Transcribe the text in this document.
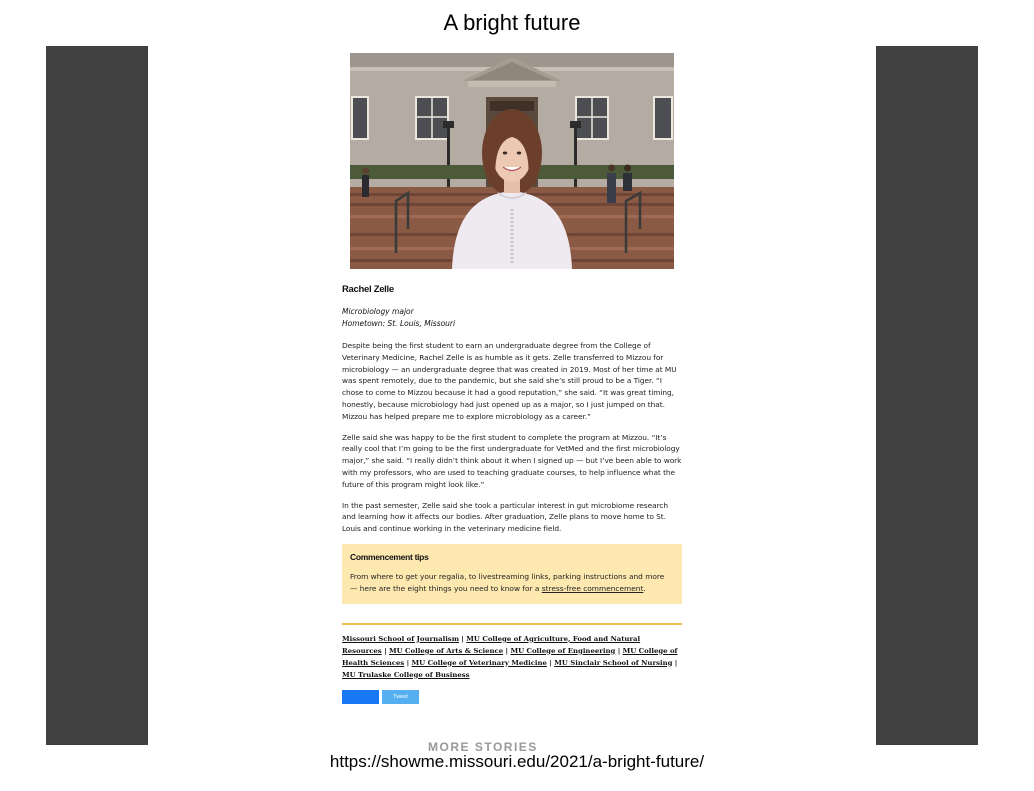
A bright future

Rachel Zelle

Microbiology major
Hometown: St. Louis, Missouri

Despite being the first student to earn an undergraduate degree from the College of Veterinary Medicine, Rachel Zelle is as humble as it gets. Zelle transferred to Mizzou for microbiology — an undergraduate degree that was created in 2019. Most of her time at MU was spent remotely, due to the pandemic, but she said she’s still proud to be a Tiger. “I chose to come to Mizzou because it had a good reputation,” she said. “It was great timing, honestly, because microbiology had just opened up as a major, so I just jumped on that. Mizzou has helped prepare me to explore microbiology as a career.”

Zelle said she was happy to be the first student to complete the program at Mizzou. “It’s really cool that I’m going to be the first undergraduate for VetMed and the first microbiology major,” she said. “I really didn’t think about it when I signed up — but I’ve been able to work with my professors, who are used to teaching graduate courses, to help influence what the future of this program might look like.”

In the past semester, Zelle said she took a particular interest in gut microbiome research and learning how it affects our bodies. After graduation, Zelle plans to move home to St. Louis and continue working in the veterinary medicine field.

Commencement tips

From where to get your regalia, to livestreaming links, parking instructions and more — here are the eight things you need to know for a stress-free commencement.
Missouri School of Journalism | MU College of Agriculture, Food and Natural Resources | MU College of Arts & Science | MU College of Engineering | MU College of Health Sciences | MU College of Veterinary Medicine | MU Sinclair School of Nursing | MU Trulaske College of Business
Tweet
MORE STORIES
https://showme.missouri.edu/2021/a-bright-future/
